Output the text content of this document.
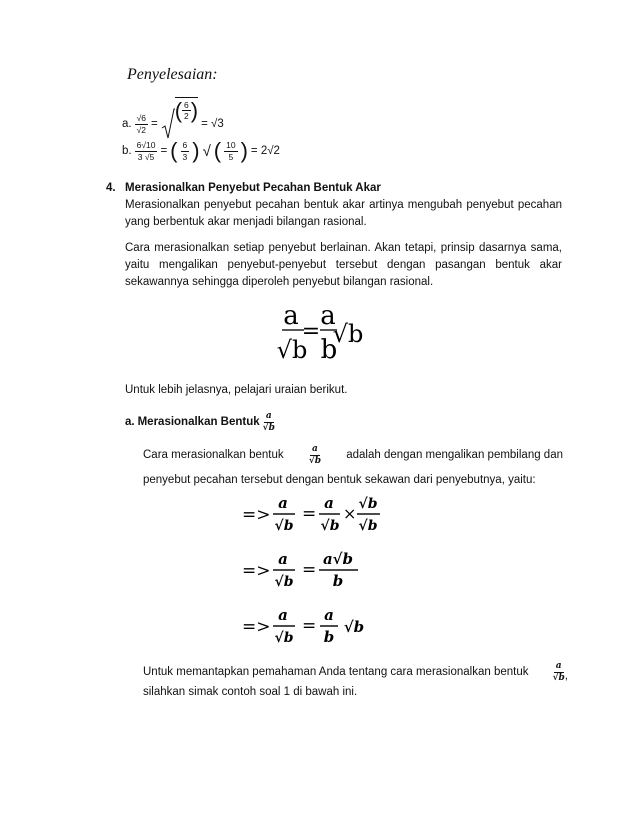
Penyelesaian:
a. $\frac{√6}{√2}$ =
( $\frac{6}{2}$ )
= √3
b. $\frac{6√10}{3 √5}$ = ( $\frac{6}{3}$ ) √ ( $\frac{10}{5}$ ) = 2√2
4. Merasionalkan Penyebut Pecahan Bentuk Akar
Merasionalkan penyebut pecahan bentuk akar artinya mengubah penyebut pecahan yang berbentuk akar menjadi bilangan rasional.
Cara merasionalkan setiap penyebut berlainan. Akan tetapi, prinsip dasarnya sama, yaitu mengalikan penyebut-penyebut tersebut dengan pasangan bentuk akar sekawannya sehingga diperoleh penyebut bilangan rasional.
a
√b
=
a
b
√b
Untuk lebih jelasnya, pelajari uraian berikut.
a. Merasionalkan Bentuk $\frac{a}{√b}$
Cara merasionalkan bentuk	$\frac{a}{√b}$ adalah dengan mengalikan pembilang dan
penyebut pecahan tersebut dengan bentuk sekawan dari penyebutnya, yaitu:
=>
a
√b
=
a
√b
× √b
√b
=>
a
√b
=
a√b
b
=>
a
√b
=
a
b
√b
Untuk memantapkan pemahaman Anda tentang cara merasionalkan bentuk	$\frac{a}{√b}$ ,
silahkan simak contoh soal 1 di bawah ini.
